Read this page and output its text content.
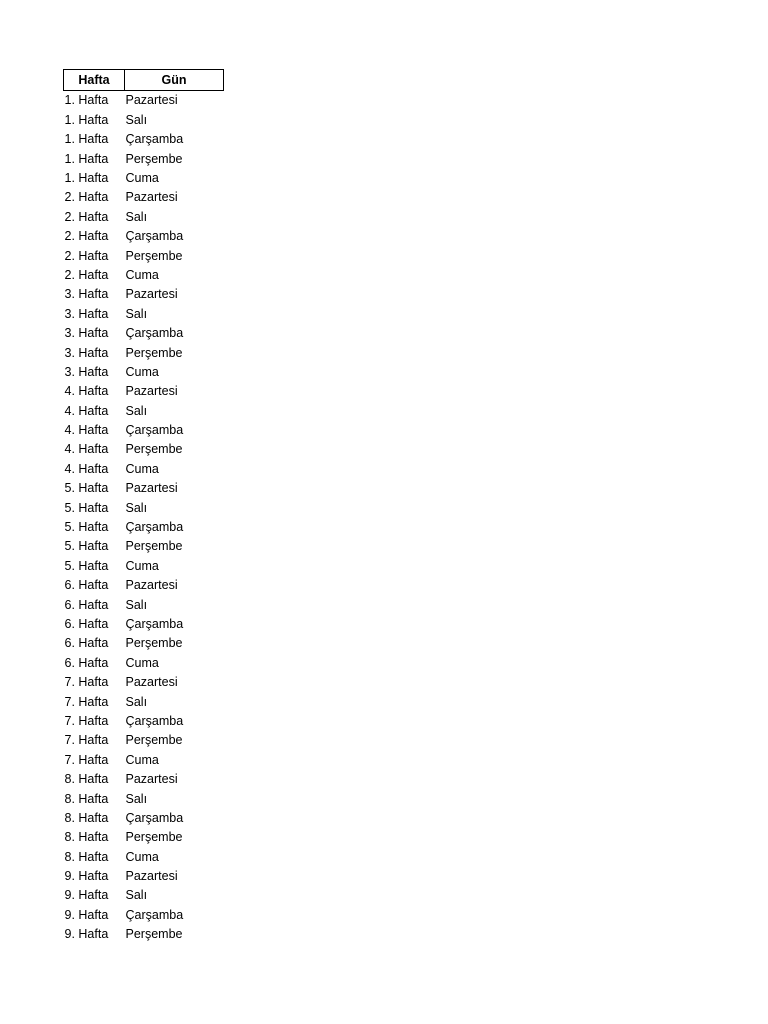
Hafta	Gün
1. Hafta	Pazartesi
1. Hafta	Salı
1. Hafta	Çarşamba
1. Hafta	Perşembe
1. Hafta	Cuma
2. Hafta	Pazartesi
2. Hafta	Salı
2. Hafta	Çarşamba
2. Hafta	Perşembe
2. Hafta	Cuma
3. Hafta	Pazartesi
3. Hafta	Salı
3. Hafta	Çarşamba
3. Hafta	Perşembe
3. Hafta	Cuma
4. Hafta	Pazartesi
4. Hafta	Salı
4. Hafta	Çarşamba
4. Hafta	Perşembe
4. Hafta	Cuma
5. Hafta	Pazartesi
5. Hafta	Salı
5. Hafta	Çarşamba
5. Hafta	Perşembe
5. Hafta	Cuma
6. Hafta	Pazartesi
6. Hafta	Salı
6. Hafta	Çarşamba
6. Hafta	Perşembe
6. Hafta	Cuma
7. Hafta	Pazartesi
7. Hafta	Salı
7. Hafta	Çarşamba
7. Hafta	Perşembe
7. Hafta	Cuma
8. Hafta	Pazartesi
8. Hafta	Salı
8. Hafta	Çarşamba
8. Hafta	Perşembe
8. Hafta	Cuma
9. Hafta	Pazartesi
9. Hafta	Salı
9. Hafta	Çarşamba
9. Hafta	Perşembe
